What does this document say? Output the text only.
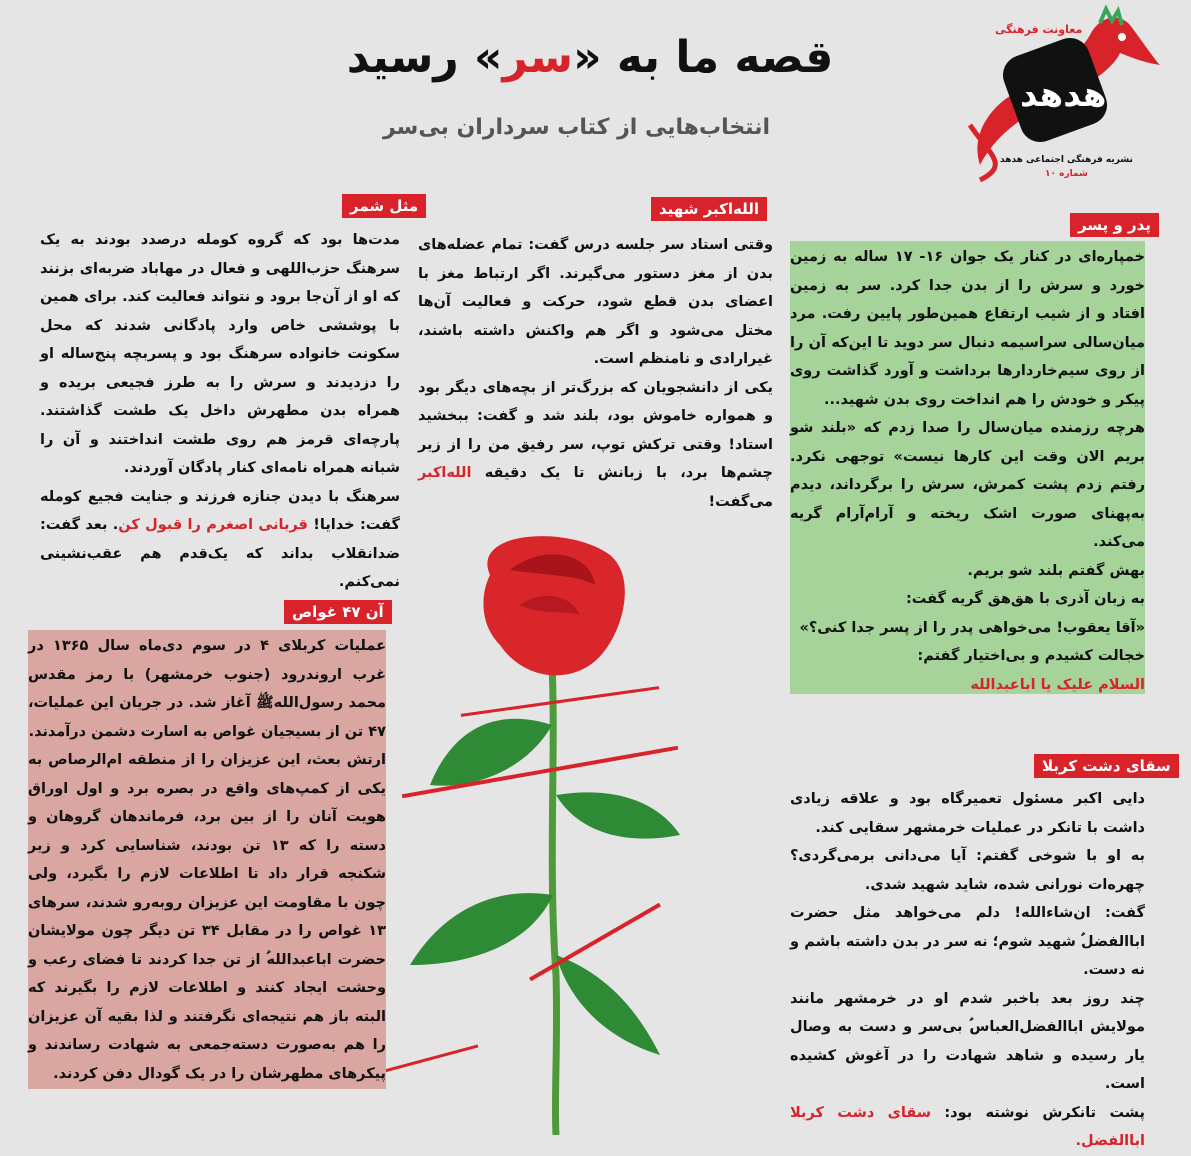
قصه ما به «سر» رسید
انتخاب‌هایی از کتاب سرداران بی‌سر
معاونت فرهنگی
هدهد
نشریه فرهنگی اجتماعی هدهد
شماره ۱۰
مثل شمر

مدت‌ها بود که گروه کومله درصدد بودند به یک سرهنگ حزب‌اللهی و فعال در مهاباد ضربه‌ای بزنند که او از آن‌جا برود و نتواند فعالیت کند. برای همین با پوششی خاص وارد پادگانی شدند که محل سکونت خانواده سرهنگ بود و پسربچه پنج‌ساله او را دزدیدند و سرش را به طرز فجیعی بریده و همراه بدن مطهرش داخل یک طشت گذاشتند. پارچه‌ای قرمز هم روی طشت انداختند و آن را شبانه همراه نامه‌ای کنار پادگان آوردند.

سرهنگ با دیدن جنازه فرزند و جنایت فجیع کومله گفت: خدایا! قربانی اصغرم را قبول کن. بعد گفت: ضدانقلاب بداند که یک‌قدم هم عقب‌نشینی نمی‌کنم.

الله‌اکبر شهید

وقتی استاد سر جلسه درس گفت: تمام عضله‌های بدن از مغز دستور می‌گیرند. اگر ارتباط مغز با اعضای بدن قطع شود، حرکت و فعالیت آن‌ها مختل می‌شود و اگر هم واکنش داشته باشند، غیرارادی و نامنظم است.

یکی از دانشجویان که بزرگ‌تر از بچه‌های دیگر بود و همواره خاموش بود، بلند شد و گفت: ببخشید استاد! وقتی ترکش توپ، سر رفیق من را از زیر چشم‌ها برد، با زبانش تا یک دقیقه الله‌اکبر می‌گفت!

پدر و پسر

خمپاره‌ای در کنار یک جوان ۱۶- ۱۷ ساله به زمین خورد و سرش را از بدن جدا کرد. سر به زمین افتاد و از شیب ارتفاع همین‌طور پایین رفت. مرد میان‌سالی سراسیمه دنبال سر دوید تا این‌که آن را از روی سیم‌خاردارها برداشت و آورد گذاشت روی پیکر و خودش را هم انداخت روی بدن شهید...

هرچه رزمنده میان‌سال را صدا زدم که «بلند شو بریم الان وقت این کارها نیست» توجهی نکرد. رفتم زدم پشت کمرش، سرش را برگرداند، دیدم به‌پهنای صورت اشک ریخته و آرام‌آرام گریه می‌کند.

بهش گفتم بلند شو بریم.

به زبان آذری با هق‌هق گریه گفت:

«آقا یعقوب! می‌خواهی پدر را از پسر جدا کنی؟»

خجالت کشیدم و بی‌اختیار گفتم:

السلام علیک یا اباعبدالله

آن ۴۷ غواص

عملیات کربلای ۴ در سوم دی‌ماه سال ۱۳۶۵ در غرب اروندرود (جنوب خرمشهر) با رمز مقدس محمد رسول‌الله‌ﷺ آغاز شد. در جریان این عملیات، ۴۷ تن از بسیجیان غواص به اسارت دشمن درآمدند.

ارتش بعث، این عزیزان را از منطقه ام‌الرصاص به یکی از کمپ‌های واقع در بصره برد و اول اوراق هویت آنان را از بین برد، فرماندهان گروهان و دسته را که ۱۳ تن بودند، شناسایی کرد و زیر شکنجه قرار داد تا اطلاعات لازم را بگیرد، ولی چون با مقاومت این عزیزان روبه‌رو شدند، سرهای ۱۳ غواص را در مقابل ۳۴ تن دیگر چون مولایشان حضرت اباعبدالله‌ؑ از تن جدا کردند تا فضای رعب و وحشت ایجاد کنند و اطلاعات لازم را بگیرند که البته باز هم نتیجه‌ای نگرفتند و لذا بقیه آن عزیزان را هم به‌صورت دسته‌جمعی به شهادت رساندند و پیکرهای مطهرشان را در یک گودال دفن کردند.

سقای دشت کربلا

دایی اکبر مسئول تعمیرگاه بود و علاقه زیادی داشت با تانکر در عملیات خرمشهر سقایی کند.

به او با شوخی گفتم: آیا می‌دانی برمی‌گردی؟ چهره‌ات نورانی شده، شاید شهید شدی.

گفت: ان‌شاءالله! دلم می‌خواهد مثل حضرت اباالفضل‌ؑ شهید شوم؛ نه سر در بدن داشته باشم و نه دست.

چند روز بعد باخبر شدم او در خرمشهر مانند مولایش اباالفضل‌العباس‌ؑ بی‌سر و دست به وصال یار رسیده و شاهد شهادت را در آغوش کشیده است.

پشت تانکرش نوشته بود: سقای دشت کربلا اباالفضل.
